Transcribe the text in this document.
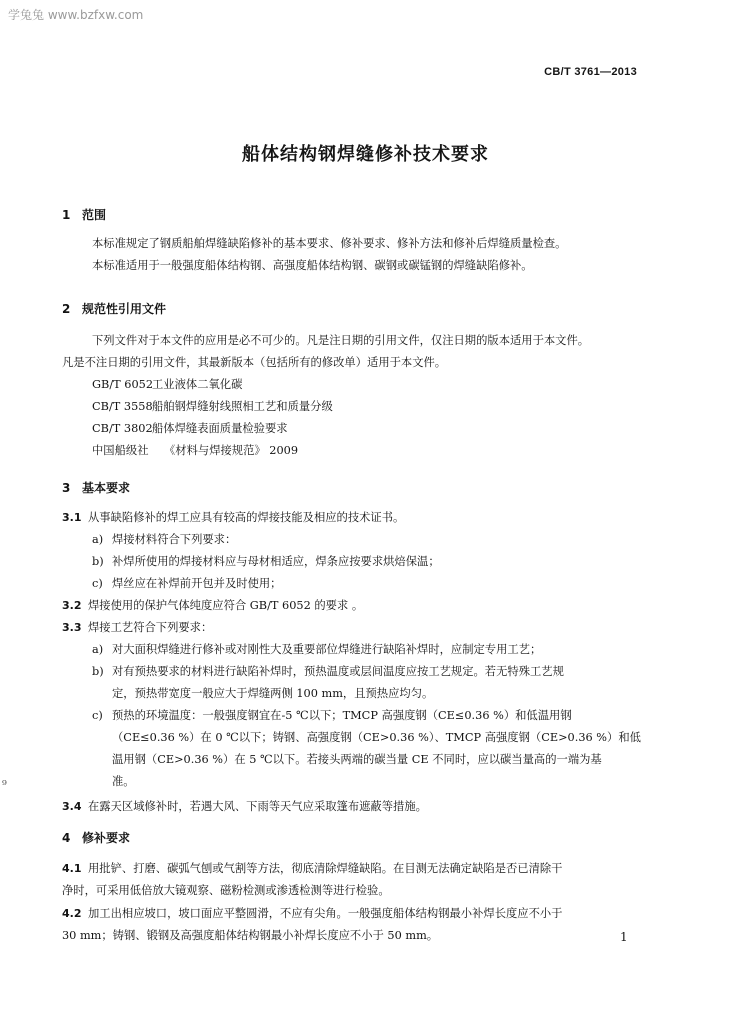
学兔兔 www.bzfxw.com
CB/T 3761—2013
船体结构钢焊缝修补技术要求
1 范围
本标准规定了钢质船舶焊缝缺陷修补的基本要求、修补要求、修补方法和修补后焊缝质量检查。
本标准适用于一般强度船体结构钢、高强度船体结构钢、碳钢或碳锰钢的焊缝缺陷修补。
2 规范性引用文件
下列文件对于本文件的应用是必不可少的。凡是注日期的引用文件，仅注日期的版本适用于本文件。
凡是不注日期的引用文件，其最新版本（包括所有的修改单）适用于本文件。
GB/T 6052工业液体二氧化碳
CB/T 3558船舶钢焊缝射线照相工艺和质量分级
CB/T 3802船体焊缝表面质量检验要求
中国船级社 《材料与焊接规范》 2009
3 基本要求
3.1 从事缺陷修补的焊工应具有较高的焊接技能及相应的技术证书。
a) 焊接材料符合下列要求：
b) 补焊所使用的焊接材料应与母材相适应，焊条应按要求烘焙保温；
c) 焊丝应在补焊前开包并及时使用；
3.2 焊接使用的保护气体纯度应符合 GB/T 6052 的要求 。
3.3 焊接工艺符合下列要求：
a) 对大面积焊缝进行修补或对刚性大及重要部位焊缝进行缺陷补焊时，应制定专用工艺；
b) 对有预热要求的材料进行缺陷补焊时，预热温度或层间温度应按工艺规定。若无特殊工艺规
定，预热带宽度一般应大于焊缝两侧 100 mm，且预热应均匀。
c) 预热的环境温度：一般强度钢宜在-5 ℃以下；TMCP 高强度钢（CE≤0.36 %）和低温用钢
（CE≤0.36 %）在 0 ℃以下；铸钢、高强度钢（CE>0.36 %）、TMCP 高强度钢（CE>0.36 %）和低
温用钢（CE>0.36 %）在 5 ℃以下。若接头两端的碳当量 CE 不同时，应以碳当量高的一端为基
准。
3.4 在露天区域修补时，若遇大风、下雨等天气应采取篷布遮蔽等措施。
4 修补要求
4.1 用批铲、打磨、碳弧气刨或气割等方法，彻底清除焊缝缺陷。在目测无法确定缺陷是否已清除干
净时，可采用低倍放大镜观察、磁粉检测或渗透检测等进行检验。
4.2 加工出相应坡口，坡口面应平整圆滑，不应有尖角。一般强度船体结构钢最小补焊长度应不小于
30 mm；铸钢、锻钢及高强度船体结构钢最小补焊长度应不小于 50 mm。	1
⁹
